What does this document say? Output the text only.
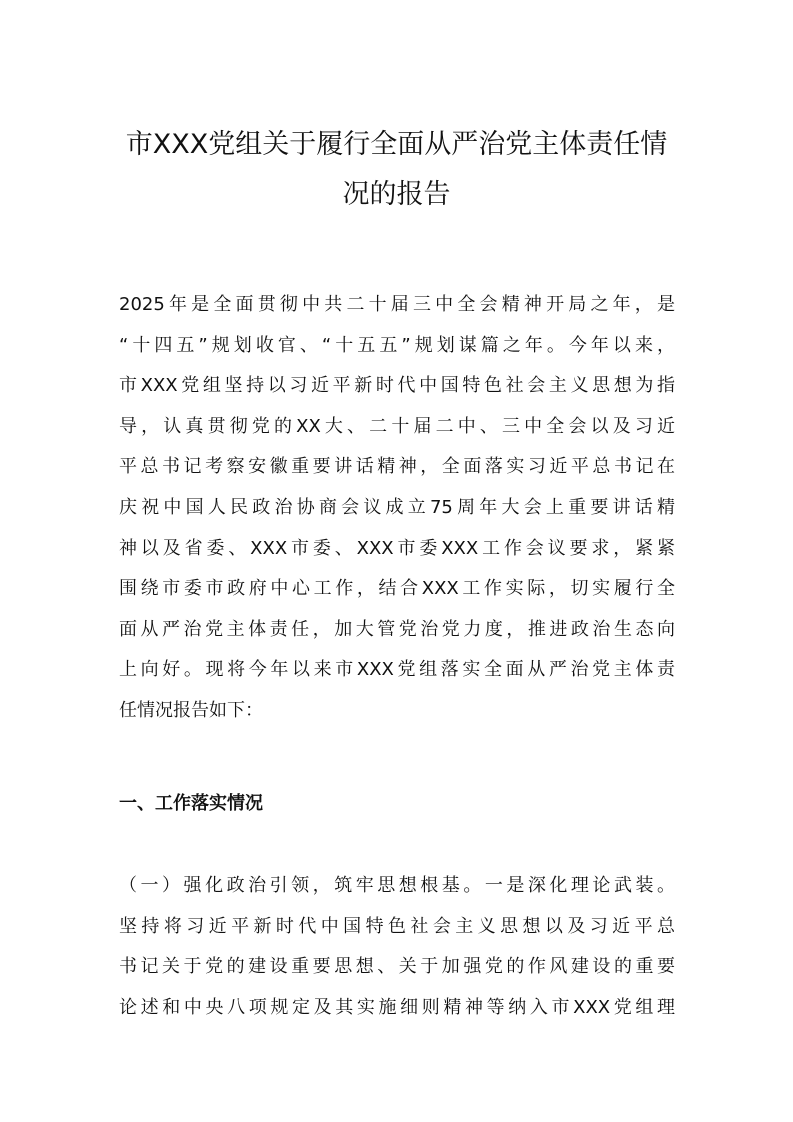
市XXX党组关于履行全面从严治党主体责任情
况的报告
2025年是全面贯彻中共二十届三中全会精神开局之年，是
“十四五”规划收官、“十五五”规划谋篇之年。今年以来，
市XXX党组坚持以习近平新时代中国特色社会主义思想为指
导，认真贯彻党的XX大、二十届二中、三中全会以及习近
平总书记考察安徽重要讲话精神，全面落实习近平总书记在
庆祝中国人民政治协商会议成立75周年大会上重要讲话精
神以及省委、XXX市委、XXX市委XXX工作会议要求，紧紧
围绕市委市政府中心工作，结合XXX工作实际，切实履行全
面从严治党主体责任，加大管党治党力度，推进政治生态向
上向好。现将今年以来市XXX党组落实全面从严治党主体责
任情况报告如下：
一、工作落实情况
（一）强化政治引领，筑牢思想根基。一是深化理论武装。
坚持将习近平新时代中国特色社会主义思想以及习近平总
书记关于党的建设重要思想、关于加强党的作风建设的重要
论述和中央八项规定及其实施细则精神等纳入市XXX党组理
